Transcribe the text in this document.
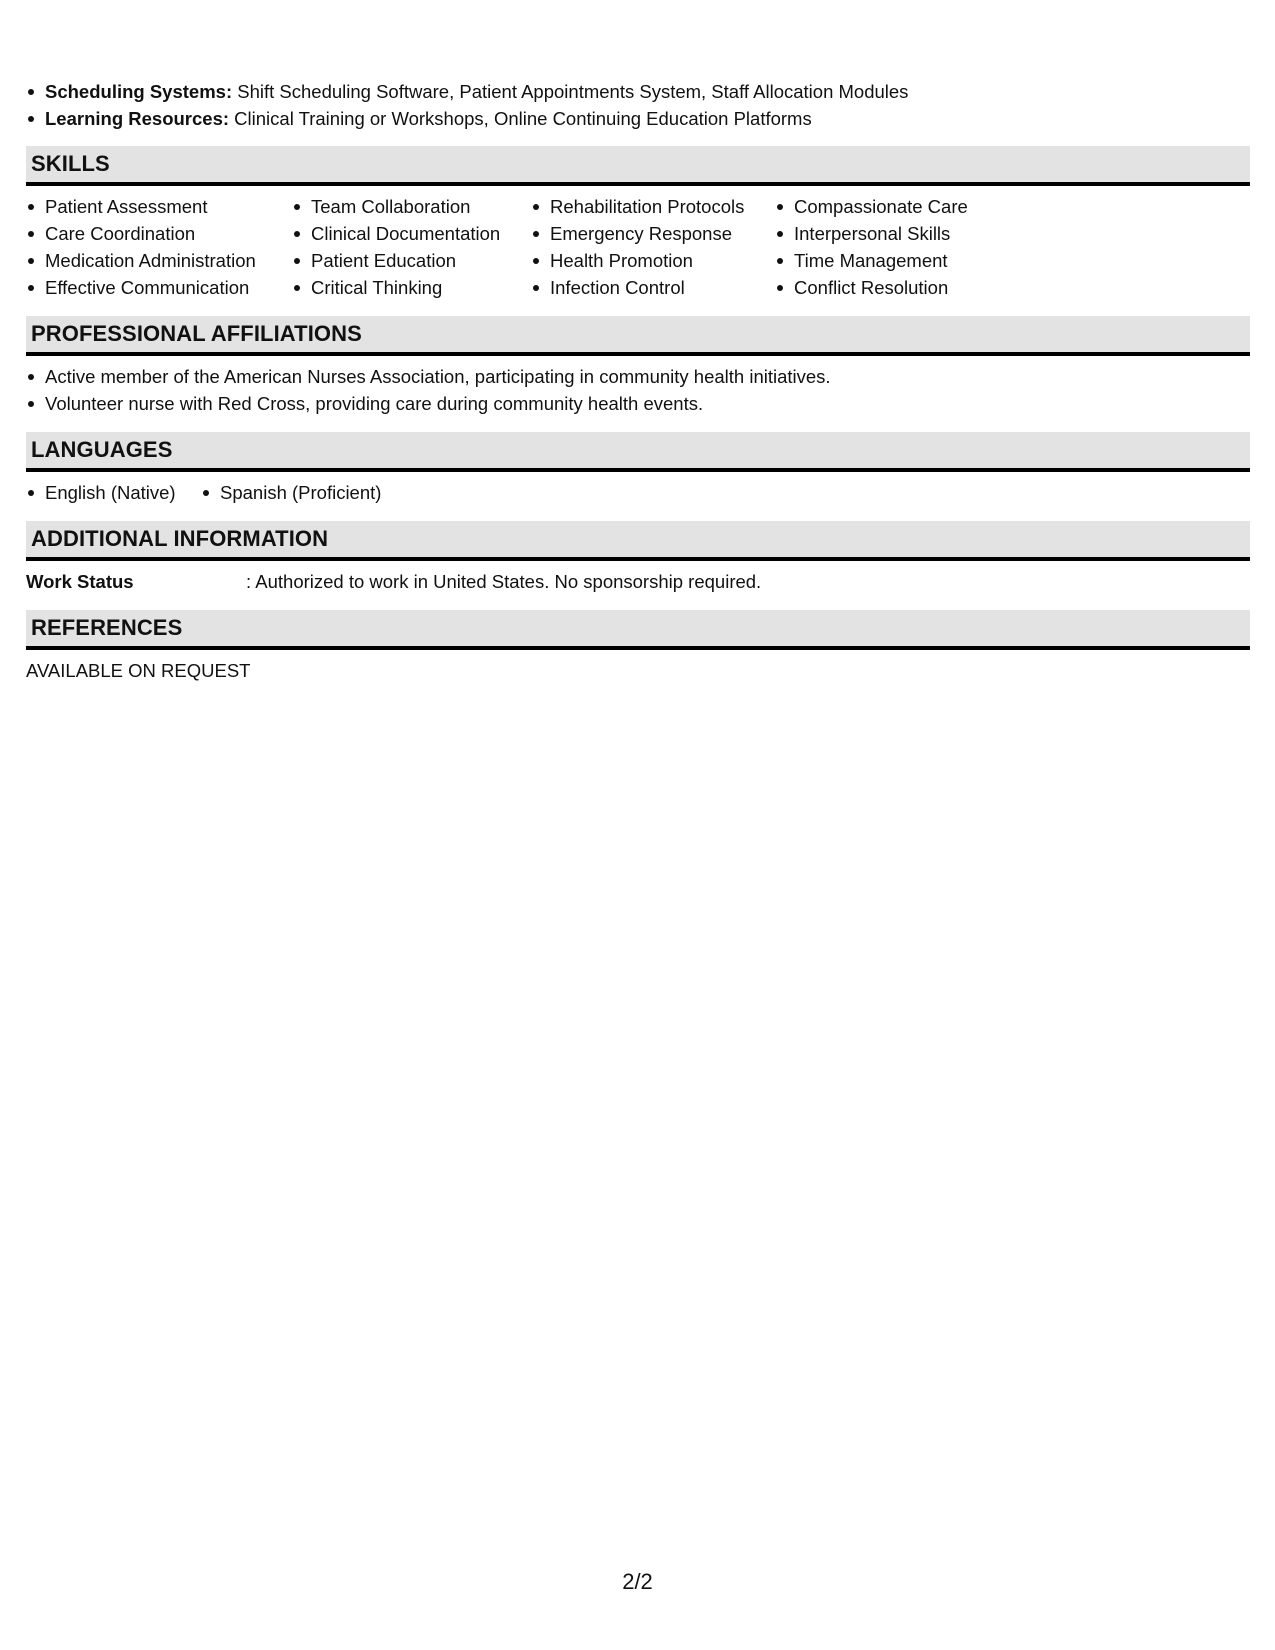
Scheduling Systems: Shift Scheduling Software, Patient Appointments System, Staff Allocation Modules
Learning Resources: Clinical Training or Workshops, Online Continuing Education Platforms
SKILLS
Patient Assessment
Care Coordination
Medication Administration
Effective Communication
Team Collaboration
Clinical Documentation
Patient Education
Critical Thinking
Rehabilitation Protocols
Emergency Response
Health Promotion
Infection Control
Compassionate Care
Interpersonal Skills
Time Management
Conflict Resolution
PROFESSIONAL AFFILIATIONS
Active member of the American Nurses Association, participating in community health initiatives.
Volunteer nurse with Red Cross, providing care during community health events.
LANGUAGES
English (Native)	Spanish (Proficient)
ADDITIONAL INFORMATION
Work Status	: Authorized to work in United States. No sponsorship required.
REFERENCES
AVAILABLE ON REQUEST
2/2
